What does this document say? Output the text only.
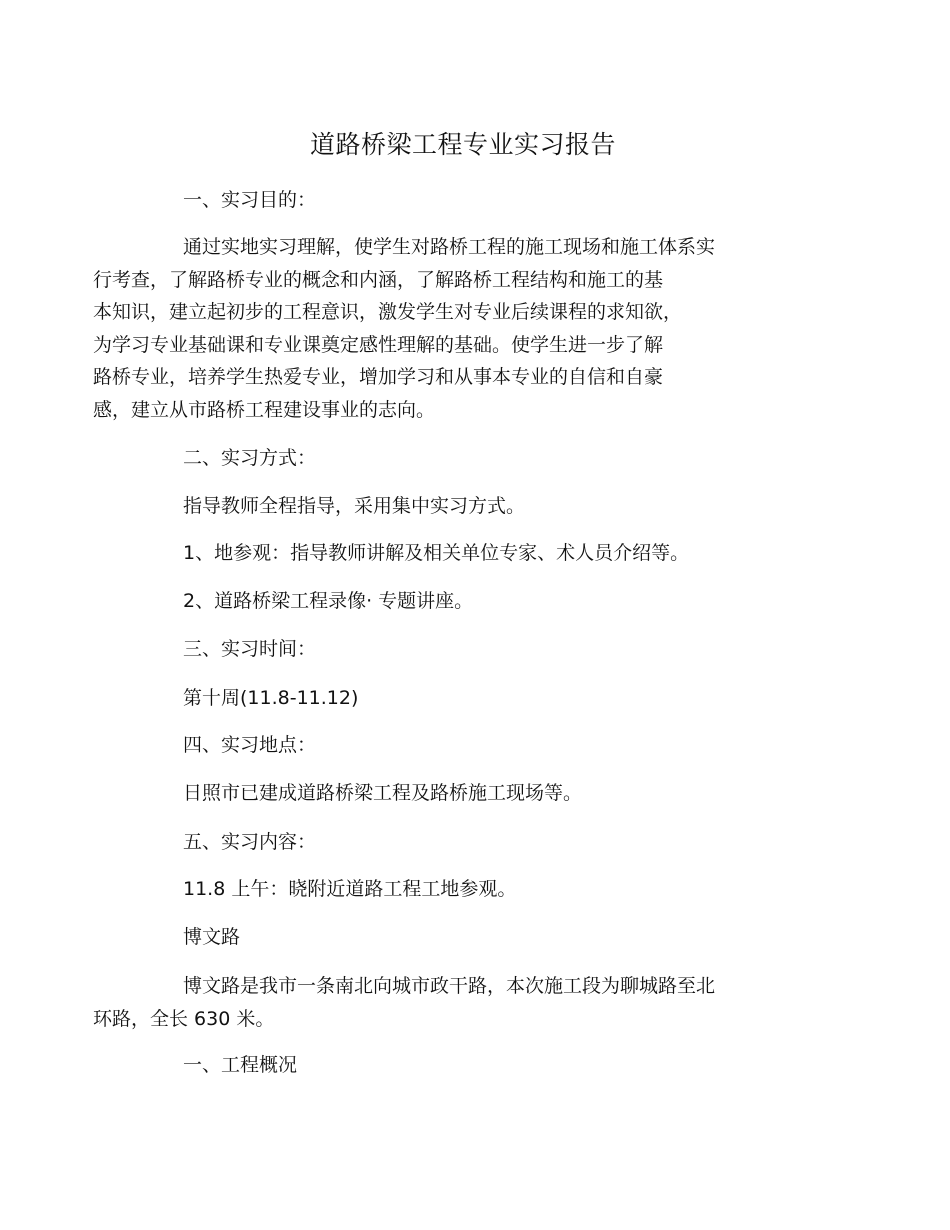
道路桥梁工程专业实习报告
一、实习目的：
通过实地实习理解，使学生对路桥工程的施工现场和施工体系实
行考查，了解路桥专业的概念和内涵，了解路桥工程结构和施工的基
本知识，建立起初步的工程意识，激发学生对专业后续课程的求知欲，
为学习专业基础课和专业课奠定感性理解的基础。使学生进一步了解
路桥专业，培养学生热爱专业，增加学习和从事本专业的自信和自豪
感，建立从市路桥工程建设事业的志向。
二、实习方式：
指导教师全程指导，采用集中实习方式。
1、地参观：指导教师讲解及相关单位专家、术人员介绍等。
2、道路桥梁工程录像· 专题讲座。
三、实习时间：
第十周(11.8-11.12)
四、实习地点：
日照市已建成道路桥梁工程及路桥施工现场等。
五、实习内容：
11.8 上午：晓附近道路工程工地参观。
博文路
博文路是我市一条南北向城市政干路，本次施工段为聊城路至北
环路，全长 630 米。
一、工程概况
